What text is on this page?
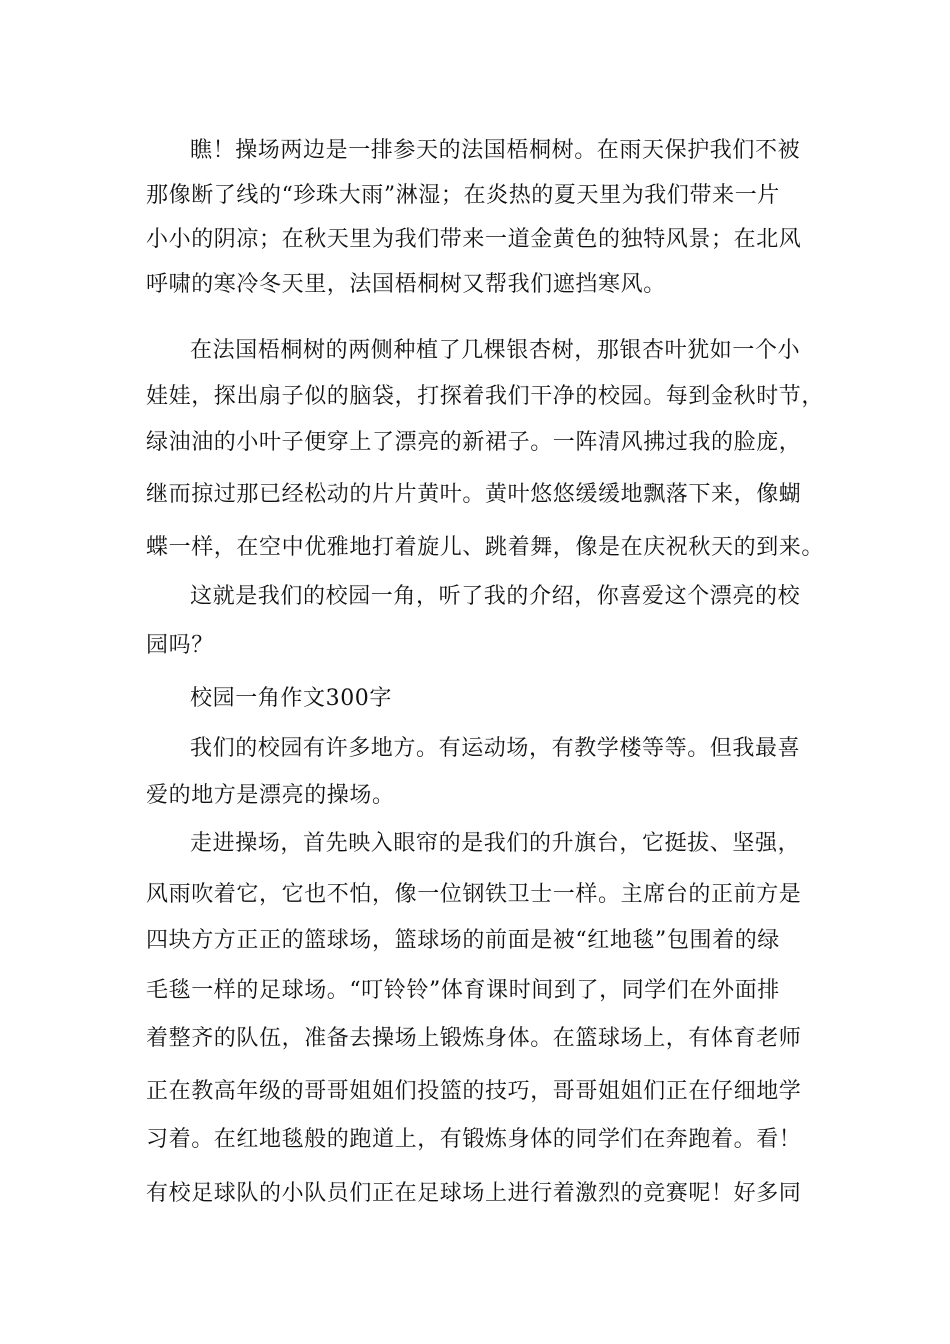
瞧！操场两边是一排参天的法国梧桐树。在雨天保护我们不被
那像断了线的“珍珠大雨”淋湿；在炎热的夏天里为我们带来一片
小小的阴凉；在秋天里为我们带来一道金黄色的独特风景；在北风
呼啸的寒冷冬天里，法国梧桐树又帮我们遮挡寒风。
在法国梧桐树的两侧种植了几棵银杏树，那银杏叶犹如一个小
娃娃，探出扇子似的脑袋，打探着我们干净的校园。每到金秋时节，
绿油油的小叶子便穿上了漂亮的新裙子。一阵清风拂过我的脸庞，
继而掠过那已经松动的片片黄叶。黄叶悠悠缓缓地飘落下来，像蝴
蝶一样，在空中优雅地打着旋儿、跳着舞，像是在庆祝秋天的到来。
这就是我们的校园一角，听了我的介绍，你喜爱这个漂亮的校
园吗？
校园一角作文300字
我们的校园有许多地方。有运动场，有教学楼等等。但我最喜
爱的地方是漂亮的操场。
走进操场，首先映入眼帘的是我们的升旗台，它挺拔、坚强，
风雨吹着它，它也不怕，像一位钢铁卫士一样。主席台的正前方是
四块方方正正的篮球场，篮球场的前面是被“红地毯”包围着的绿
毛毯一样的足球场。“叮铃铃”体育课时间到了，同学们在外面排
着整齐的队伍，准备去操场上锻炼身体。在篮球场上，有体育老师
正在教高年级的哥哥姐姐们投篮的技巧，哥哥姐姐们正在仔细地学
习着。在红地毯般的跑道上，有锻炼身体的同学们在奔跑着。看！
有校足球队的小队员们正在足球场上进行着激烈的竞赛呢！好多同
